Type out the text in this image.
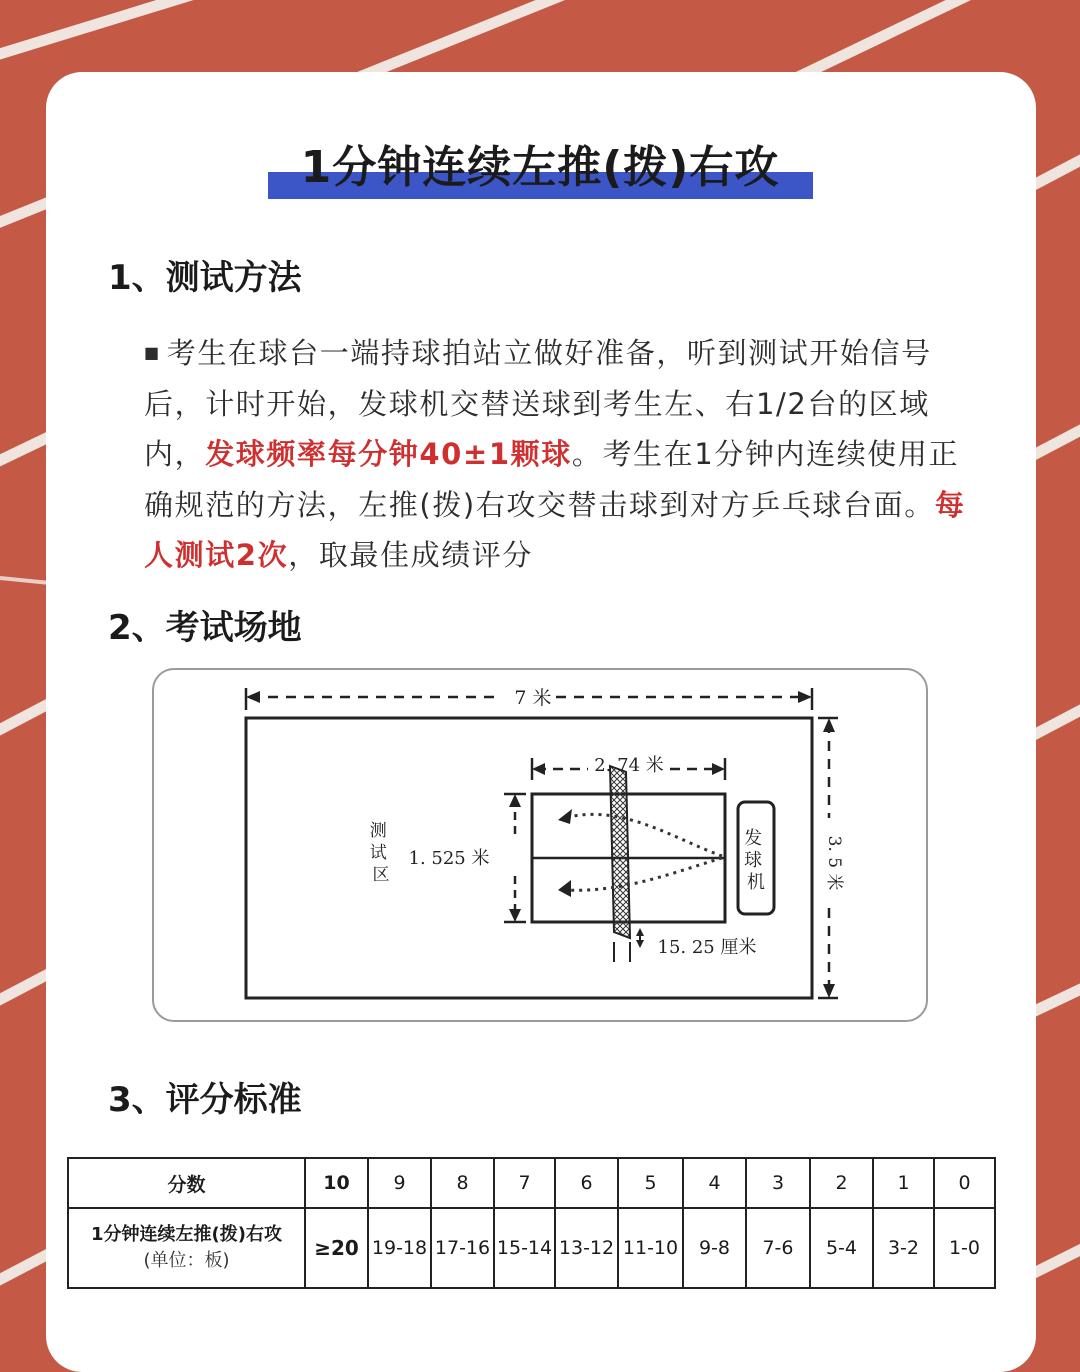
1分钟连续左推(拨)右攻
1、测试方法

■ 考生在球台一端持球拍站立做好准备，听到测试开始信号后，计时开始，发球机交替送球到考生左、右1/2台的区域内，发球频率每分钟40±1颗球。考生在1分钟内连续使用正确规范的方法，左推(拨)右攻交替击球到对方乒乓球台面。每人测试2次，取最佳成绩评分

2、考试场地
7 米
3. 5 米
测 试 区
2. 74 米
1. 525 米
发 球 机
15. 25 厘米
3、评分标准
分数	10	9	8	7	6	5	4	3	2	1	0

1分钟连续左推(拨)右攻
(单位：板)	≥20	19-18	17-16	15-14	13-12	11-10	9-8	7-6	5-4	3-2	1-0
